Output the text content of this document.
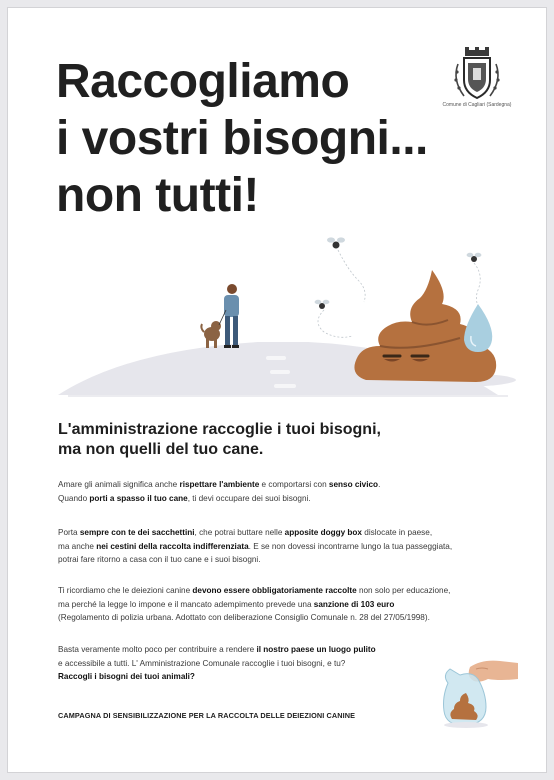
Raccogliamo
i vostri bisogni...
non tutti!
Comune di Cagliari (Sardegna)
L'amministrazione raccoglie i tuoi bisogni,
ma non quelli del tuo cane.
Amare gli animali significa anche rispettare l'ambiente e comportarsi con senso civico.
Quando porti a spasso il tuo cane, ti devi occupare dei suoi bisogni.
Porta sempre con te dei sacchettini, che potrai buttare nelle apposite doggy box dislocate in paese,
ma anche nei cestini della raccolta indifferenziata. E se non dovessi incontrarne lungo la tua passeggiata,
potrai fare ritorno a casa con il tuo cane e i suoi bisogni.
Ti ricordiamo che le deiezioni canine devono essere obbligatoriamente raccolte non solo per educazione,
ma perché la legge lo impone e il mancato adempimento prevede una sanzione di 103 euro
(Regolamento di polizia urbana. Adottato con deliberazione Consiglio Comunale n. 28 del 27/05/1998).
Basta veramente molto poco per contribuire a rendere il nostro paese un luogo pulito
e accessibile a tutti. L' Amministrazione Comunale raccoglie i tuoi bisogni, e tu?
Raccogli i bisogni dei tuoi animali?
CAMPAGNA DI SENSIBILIZZAZIONE PER LA RACCOLTA DELLE DEIEZIONI CANINE
